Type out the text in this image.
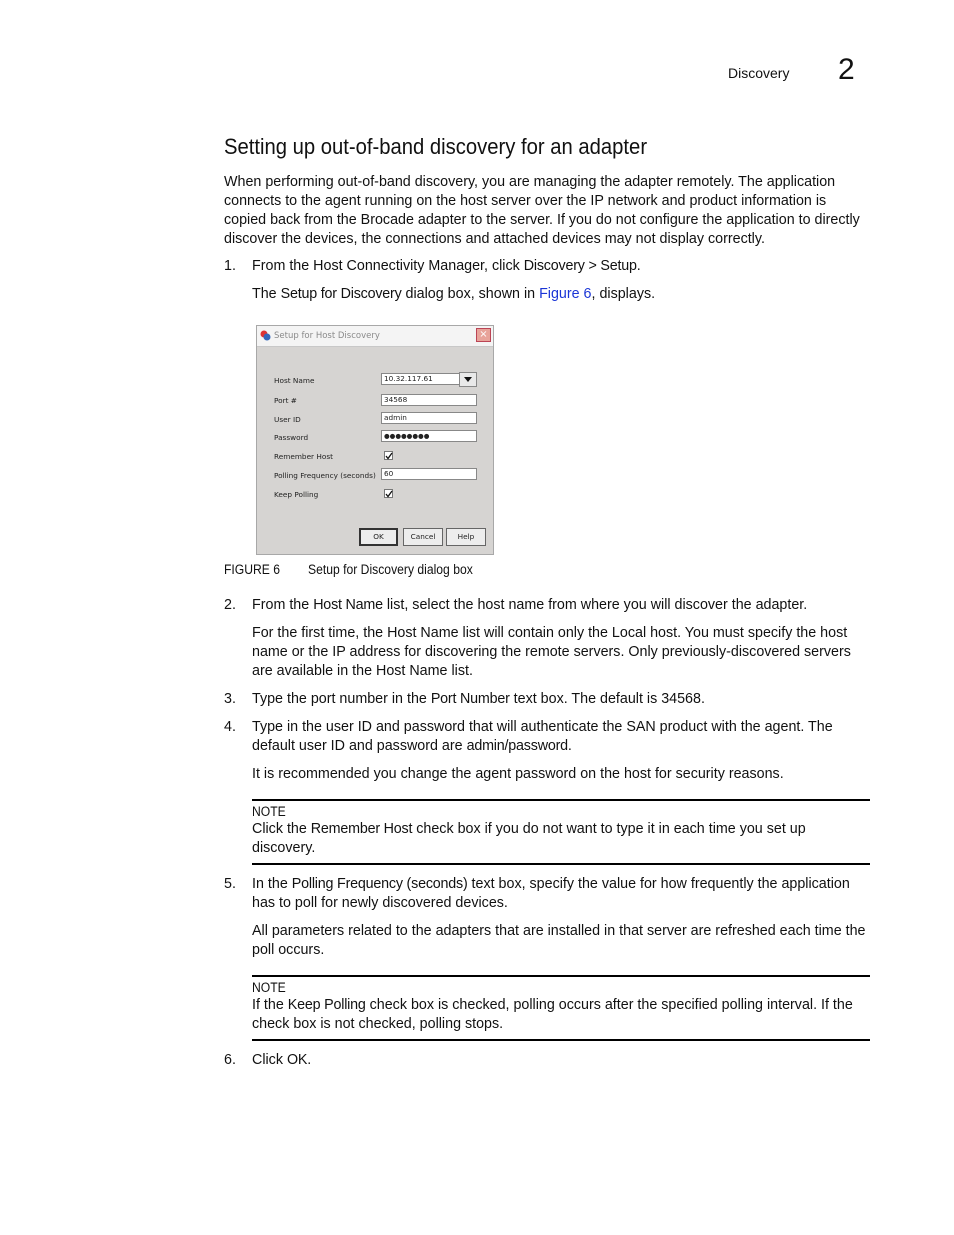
Discovery 2
Setting up out-of-band discovery for an adapter
When performing out-of-band discovery, you are managing the adapter remotely. The application connects to the agent running on the host server over the IP network and product information is copied back from the Brocade adapter to the server. If you do not configure the application to directly discover the devices, the connections and attached devices may not display correctly.
1. From the Host Connectivity Manager, click Discovery > Setup.
The Setup for Discovery dialog box, shown in Figure 6, displays.
Setup for Host Discovery	×
Host Name	10.32.117.61
Port #	34568
User ID	admin
Password	●●●●●●●●
Remember Host
Polling Frequency (seconds)	60
Keep Polling
OK	Cancel	Help
FIGURE 6 Setup for Discovery dialog box
2. From the Host Name list, select the host name from where you will discover the adapter.
For the first time, the Host Name list will contain only the Local host. You must specify the host name or the IP address for discovering the remote servers. Only previously-discovered servers are available in the Host Name list.
3. Type the port number in the Port Number text box. The default is 34568.
4. Type in the user ID and password that will authenticate the SAN product with the agent. The default user ID and password are admin/password.
It is recommended you change the agent password on the host for security reasons.
NOTE
Click the Remember Host check box if you do not want to type it in each time you set up discovery.
5. In the Polling Frequency (seconds) text box, specify the value for how frequently the application has to poll for newly discovered devices.
All parameters related to the adapters that are installed in that server are refreshed each time the poll occurs.
NOTE
If the Keep Polling check box is checked, polling occurs after the specified polling interval. If the check box is not checked, polling stops.
6. Click OK.
